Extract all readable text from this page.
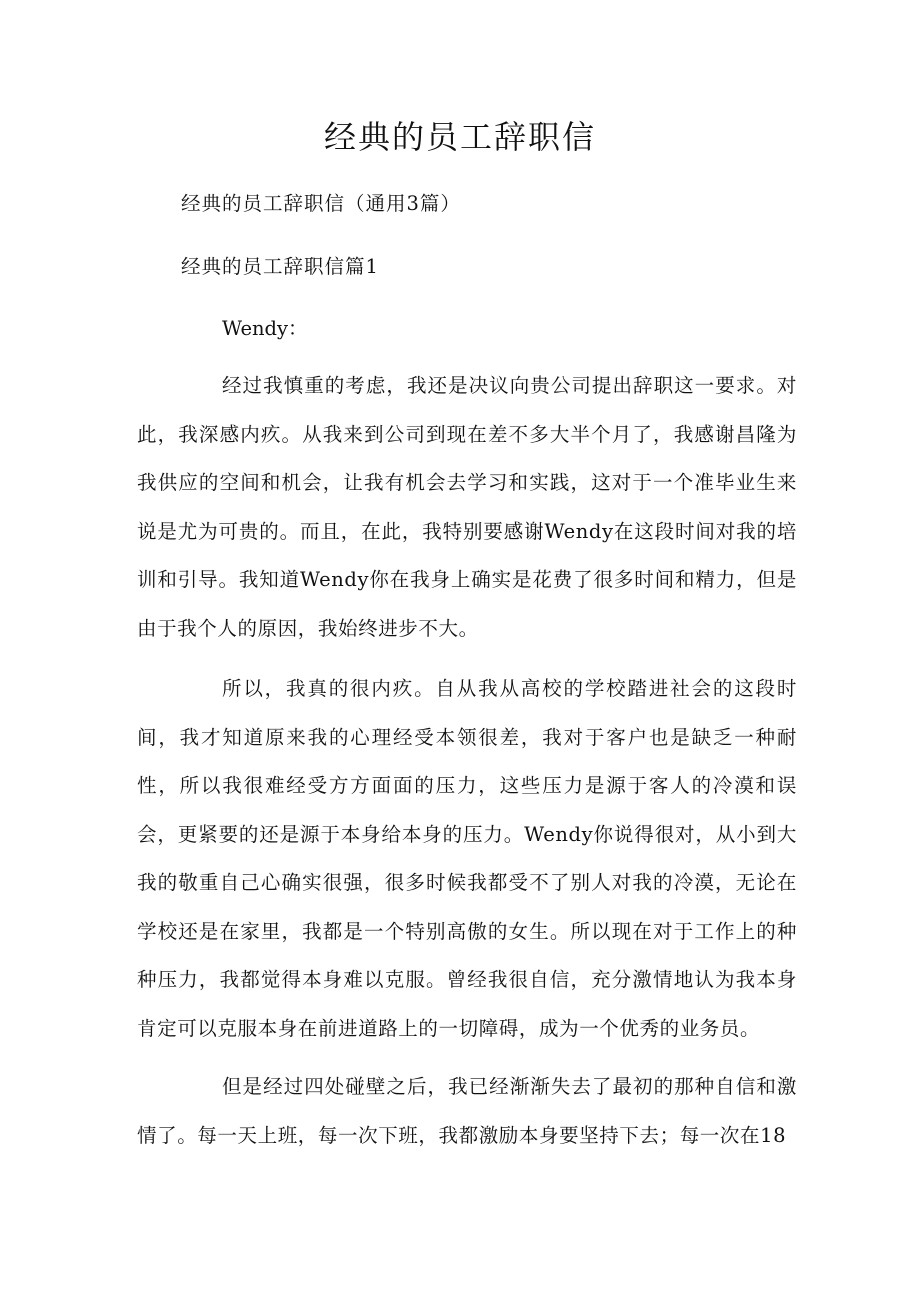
经典的员工辞职信
经典的员工辞职信（通用3篇）
经典的员工辞职信篇1
Wendy：

经过我慎重的考虑，我还是决议向贵公司提出辞职这一要求。对此，我深感内疚。从我来到公司到现在差不多大半个月了，我感谢昌隆为我供应的空间和机会，让我有机会去学习和实践，这对于一个准毕业生来说是尤为可贵的。而且，在此，我特别要感谢Wendy在这段时间对我的培训和引导。我知道Wendy你在我身上确实是花费了很多时间和精力，但是由于我个人的原因，我始终进步不大。

所以，我真的很内疚。自从我从高校的学校踏进社会的这段时间，我才知道原来我的心理经受本领很差，我对于客户也是缺乏一种耐性，所以我很难经受方方面面的压力，这些压力是源于客人的冷漠和误会，更紧要的还是源于本身给本身的压力。Wendy你说得很对，从小到大我的敬重自己心确实很强，很多时候我都受不了别人对我的冷漠，无论在学校还是在家里，我都是一个特别高傲的女生。所以现在对于工作上的种种压力，我都觉得本身难以克服。曾经我很自信，充分激情地认为我本身肯定可以克服本身在前进道路上的一切障碍，成为一个优秀的业务员。

但是经过四处碰壁之后，我已经渐渐失去了最初的那种自信和激情了。每一天上班，每一次下班，我都激励本身要坚持下去；每一次在18
